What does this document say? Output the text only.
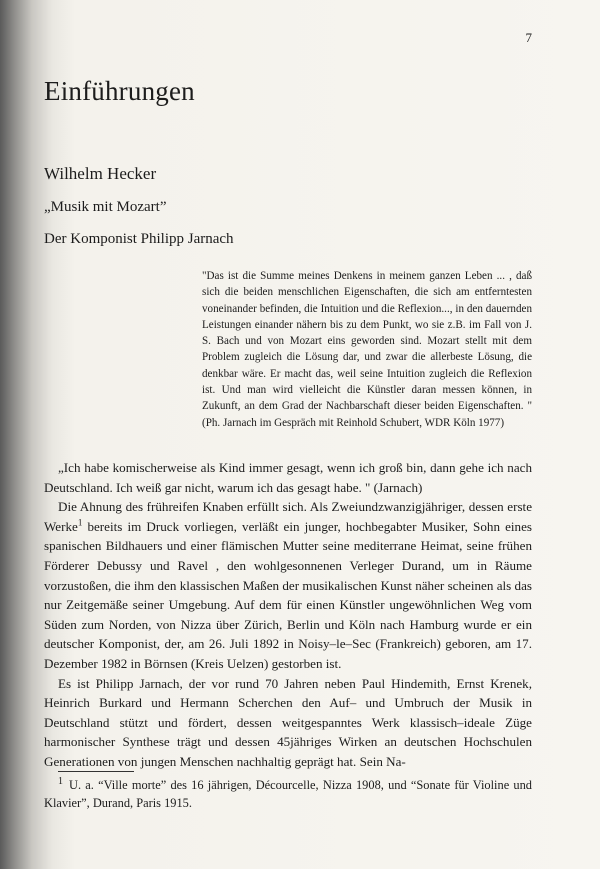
7
Einführungen
Wilhelm Hecker
„Musik mit Mozart”
Der Komponist Philipp Jarnach
"Das ist die Summe meines Denkens in meinem ganzen Leben ... , daß sich die beiden menschlichen Eigenschaften, die sich am entferntesten voneinander befinden, die Intuition und die Reflexion..., in den dauernden Leistungen einander nähern bis zu dem Punkt, wo sie z.B. im Fall von J. S. Bach und von Mozart eins geworden sind. Mozart stellt mit dem Problem zugleich die Lösung dar, und zwar die allerbeste Lösung, die denkbar wäre. Er macht das, weil seine Intuition zugleich die Reflexion ist. Und man wird vielleicht die Künstler daran messen können, in Zukunft, an dem Grad der Nachbarschaft dieser beiden Eigenschaften. " (Ph. Jarnach im Gespräch mit Reinhold Schubert, WDR Köln 1977)

„Ich habe komischerweise als Kind immer gesagt, wenn ich groß bin, dann gehe ich nach Deutschland. Ich weiß gar nicht, warum ich das gesagt habe. " (Jarnach)

Die Ahnung des frühreifen Knaben erfüllt sich. Als Zweiundzwanzigjähriger, dessen erste Werke$^1$ bereits im Druck vorliegen, verläßt ein junger, hochbegabter Musiker, Sohn eines spanischen Bildhauers und einer flämischen Mutter seine mediterrane Heimat, seine frühen Förderer Debussy und Ravel , den wohlgesonnenen Verleger Durand, um in Räume vorzustoßen, die ihm den klassischen Maßen der musikalischen Kunst näher scheinen als das nur Zeitgemäße seiner Umgebung. Auf dem für einen Künstler ungewöhnlichen Weg vom Süden zum Norden, von Nizza über Zürich, Berlin und Köln nach Hamburg wurde er ein deutscher Komponist, der, am 26. Juli 1892 in Noisy–le–Sec (Frankreich) geboren, am 17. Dezember 1982 in Börnsen (Kreis Uelzen) gestorben ist.

Es ist Philipp Jarnach, der vor rund 70 Jahren neben Paul Hindemith, Ernst Krenek, Heinrich Burkard und Hermann Scherchen den Auf– und Umbruch der Musik in Deutschland stützt und fördert, dessen weitgespanntes Werk klassisch–ideale Züge harmonischer Synthese trägt und dessen 45jähriges Wirken an deutschen Hochschulen Generationen von jungen Menschen nachhaltig geprägt hat. Sein Na-

$^1$ U. a. “Ville morte” des 16 jährigen, Décourcelle, Nizza 1908, und “Sonate für Violine und Klavier”, Durand, Paris 1915.
